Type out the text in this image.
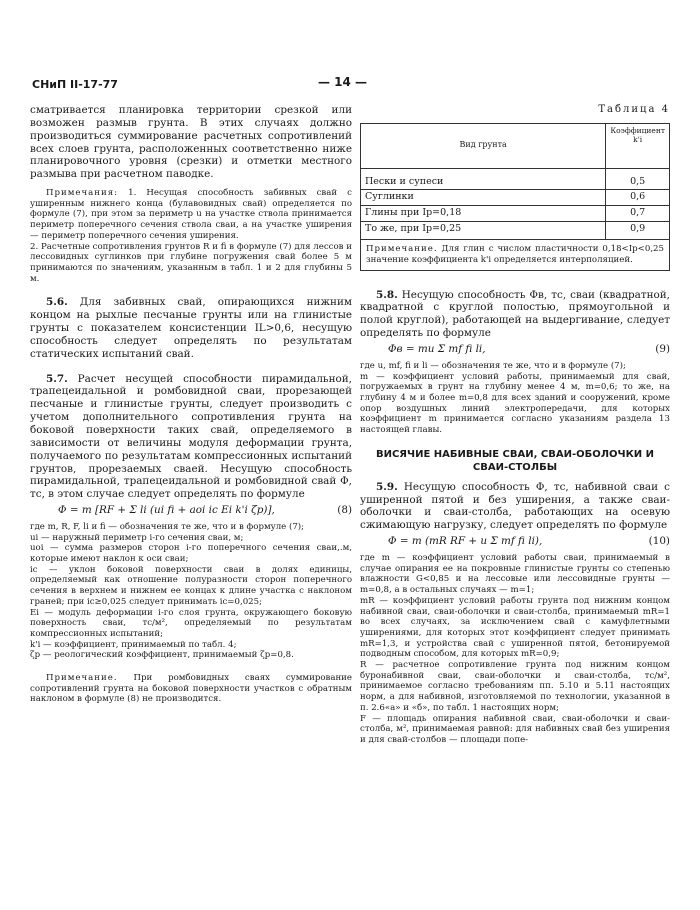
СНиП II-17-77	— 14 —

сматривается планировка территории срезкой или возможен размыв грунта. В этих случаях должно производиться суммирование расчетных сопротивлений всех слоев грунта, расположенных соответственно ниже планировочного уровня (срезки) и отметки местного размыва при расчетном паводке.

Примечания: 1. Несущая способность забивных свай с уширенным нижнего конца (булавовидных свай) определяется по формуле (7), при этом за периметр u на участке ствола принимается периметр поперечного сечения ствола сваи, а на участке уширения — периметр поперечного сечения уширения.

2. Расчетные сопротивления грунтов R и fi в формуле (7) для лессов и лессовидных суглинков при глубине погружения свай более 5 м принимаются по значениям, указанным в табл. 1 и 2 для глубины 5 м.

5.6. Для забивных свай, опирающихся нижним концом на рыхлые песчаные грунты или на глинистые грунты с показателем консистенции IL>0,6, несущую способность следует определять по результатам статических испытаний свай.

5.7. Расчет несущей способности пирамидальной, трапецеидальной и ромбовидной сваи, прорезающей песчаные и глинистые грунты, следует производить с учетом дополнительного сопротивления грунта на боковой поверхности таких свай, определяемого в зависимости от величины модуля деформации грунта, получаемого по результатам компрессионных испытаний грунтов, прорезаемых сваей. Несущую способность пирамидальной, трапецеидальной и ромбовидной свай Φ, тс, в этом случае следует определять по формуле

Φ = m [RF + Σ li (ui fi + aoi ic Ei k'i ζp)],	(8)

где m, R, F, li и fi — обозначения те же, что и в формуле (7);

ui — наружный периметр i-го сечения сваи, м;

uoi — сумма размеров сторон i-го поперечного сечения сваи,.м, которые имеют наклон к оси сваи;

ic — уклон боковой поверхности сваи в долях единицы, определяемый как отношение полуразности сторон поперечного сечения в верхнем и нижнем ее концах к длине участка с наклоном граней; при ic≥0,025 следует принимать ic=0,025;

Ei — модуль деформации i-го слоя грунта, окружающего боковую поверхность сваи, тс/м², определяемый по результатам компрессионных испытаний;

k'i — коэффициент, принимаемый по табл. 4;

ζp — реологический коэффициент, принимаемый ζp=0,8.

Примечание. При ромбовидных сваях суммирование сопротивлений грунта на боковой поверхности участков с обратным наклоном в формуле (8) не производится.

Таблица 4
Вид грунта	Коэффициент k'i
Пески и супеси	0,5
Суглинки	0,6
Глины при Ip=0,18	0,7
То же, при Ip=0,25	0,9
Примечание. Для глин с числом пластичности 0,18<Ip<0,25 значение коэффициента k'i определяется интерполяцией.	

5.8. Несущую способность Φв, тс, сваи (квадратной, квадратной с круглой полостью, прямоугольной и полой круглой), работающей на выдергивание, следует определять по формуле

Φв = mu Σ mf fi li,	(9)

где u, mf, fi и li — обозначения те же, что и в формуле (7);

m — коэффициент условий работы, принимаемый для свай, погружаемых в грунт на глубину менее 4 м, m=0,6; то же, на глубину 4 м и более m=0,8 для всех зданий и сооружений, кроме опор воздушных линий электропередачи, для которых коэффициент m принимается согласно указаниям раздела 13 настоящей главы.

ВИСЯЧИЕ НАБИВНЫЕ СВАИ, СВАИ-ОБОЛОЧКИ И СВАИ-СТОЛБЫ

5.9. Несущую способность Φ, тс, набивной сваи с уширенной пятой и без уширения, а также сваи-оболочки и сваи-столба, работающих на осевую сжимающую нагрузку, следует определять по формуле

Φ = m (mR RF + u Σ mf fi li),	(10)

где m — коэффициент условий работы сваи, принимаемый в случае опирания ее на покровные глинистые грунты со степенью влажности G<0,85 и на лессовые или лессовидные грунты — m=0,8, а в остальных случаях — m=1;

mR — коэффициент условий работы грунта под нижним концом набивной сваи, сваи-оболочки и сваи-столба, принимаемый mR=1 во всех случаях, за исключением свай с камуфлетными уширениями, для которых этот коэффициент следует принимать mR=1,3, и устройства свай с уширенной пятой, бетонируемой подводным способом, для которых mR=0,9;

R — расчетное сопротивление грунта под нижним концом буронабивной сваи, сваи-оболочки и сваи-столба, тс/м², принимаемое согласно требованиям пп. 5.10 и 5.11 настоящих норм, а для набивной, изготовляемой по технологии, указанной в п. 2.6«а» и «б», по табл. 1 настоящих норм;

F — площадь опирания набивной сваи, сваи-оболочки и сваи-столба, м², принимаемая равной: для набивных свай без уширения и для свай-столбов — площади попе-
